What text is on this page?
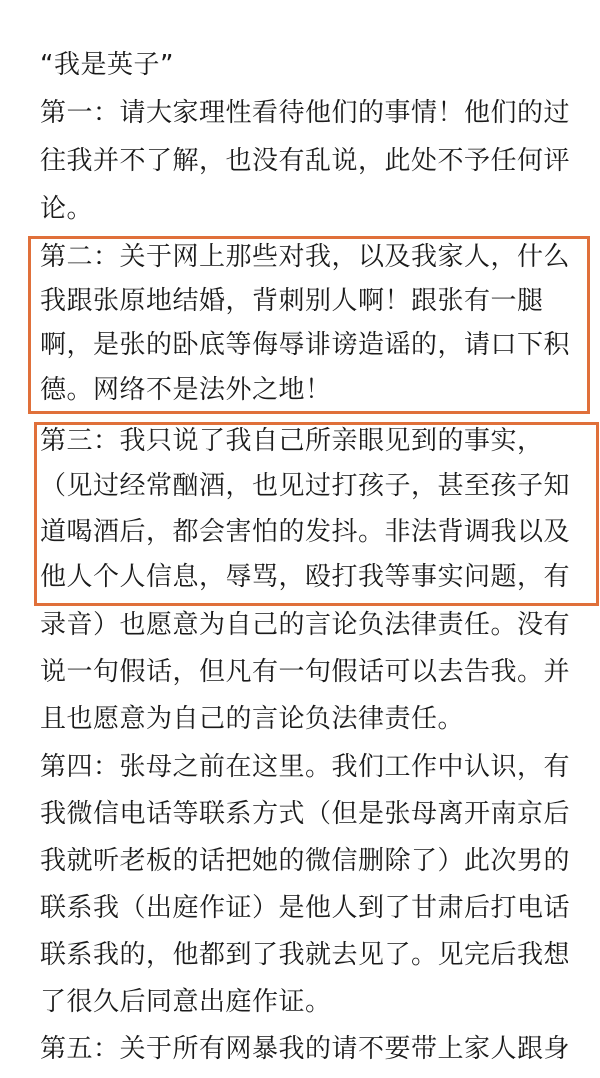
“我是英子”
第一：请大家理性看待他们的事情！他们的过
往我并不了解，也没有乱说，此处不予任何评
论。
第二：关于网上那些对我，以及我家人，什么
我跟张原地结婚，背刺别人啊！跟张有一腿
啊，是张的卧底等侮辱诽谤造谣的，请口下积
德。网络不是法外之地！
第三：我只说了我自己所亲眼见到的事实，
（见过经常酗酒，也见过打孩子，甚至孩子知
道喝酒后，都会害怕的发抖。非法背调我以及
他人个人信息，辱骂，殴打我等事实问题，有
录音）也愿意为自己的言论负法律责任。没有
说一句假话，但凡有一句假话可以去告我。并
且也愿意为自己的言论负法律责任。
第四：张母之前在这里。我们工作中认识，有
我微信电话等联系方式（但是张母离开南京后
我就听老板的话把她的微信删除了）此次男的
联系我（出庭作证）是他人到了甘肃后打电话
联系我的，他都到了我就去见了。见完后我想
了很久后同意出庭作证。
第五：关于所有网暴我的请不要带上家人跟身
